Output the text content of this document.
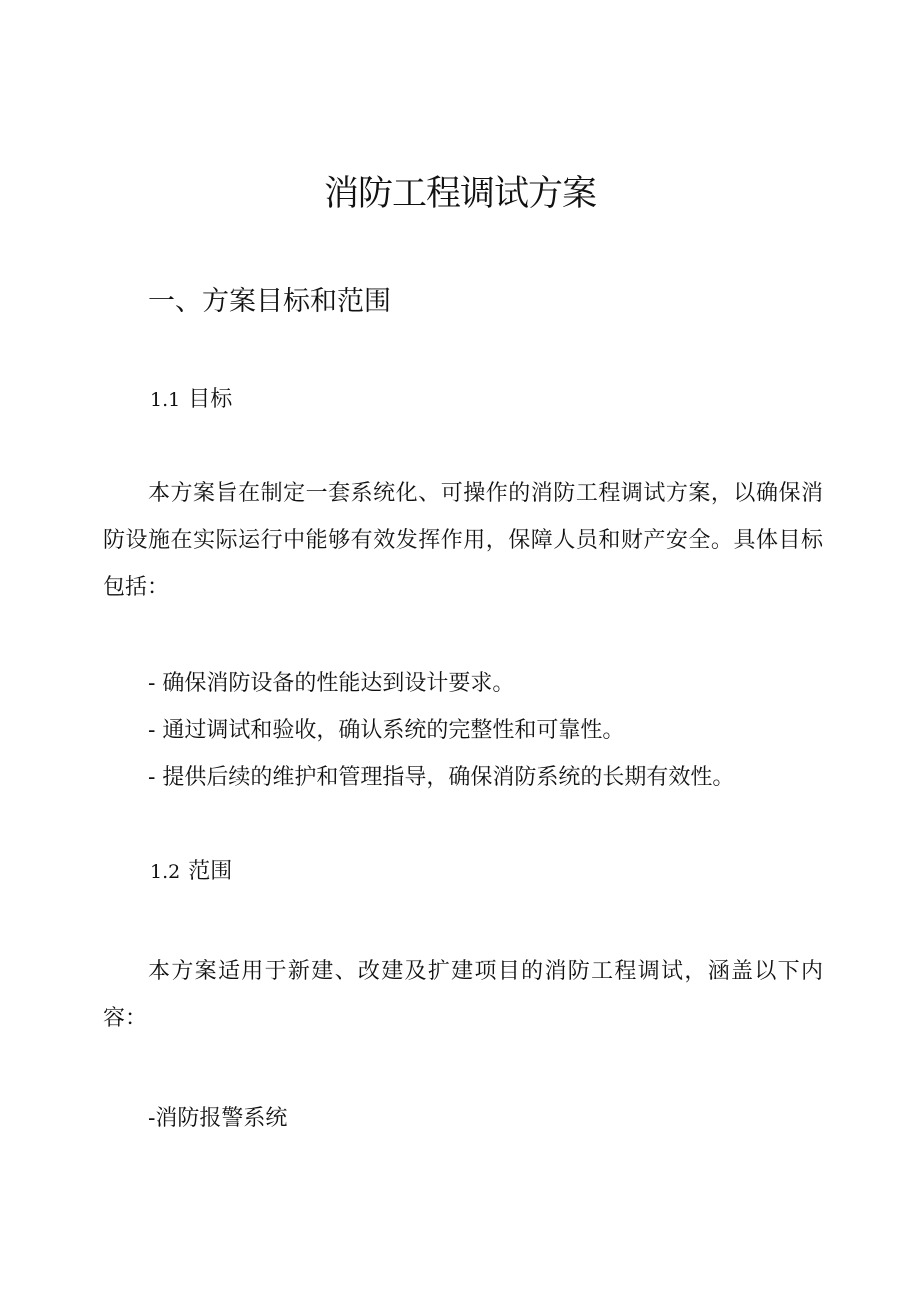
消防工程调试方案
一、方案目标和范围
1.1 目标
本方案旨在制定一套系统化、可操作的消防工程调试方案，以确保消防设施在实际运行中能够有效发挥作用，保障人员和财产安全。具体目标包括：
- 确保消防设备的性能达到设计要求。
- 通过调试和验收，确认系统的完整性和可靠性。
- 提供后续的维护和管理指导，确保消防系统的长期有效性。
1.2 范围
本方案适用于新建、改建及扩建项目的消防工程调试，涵盖以下内容：
-消防报警系统
